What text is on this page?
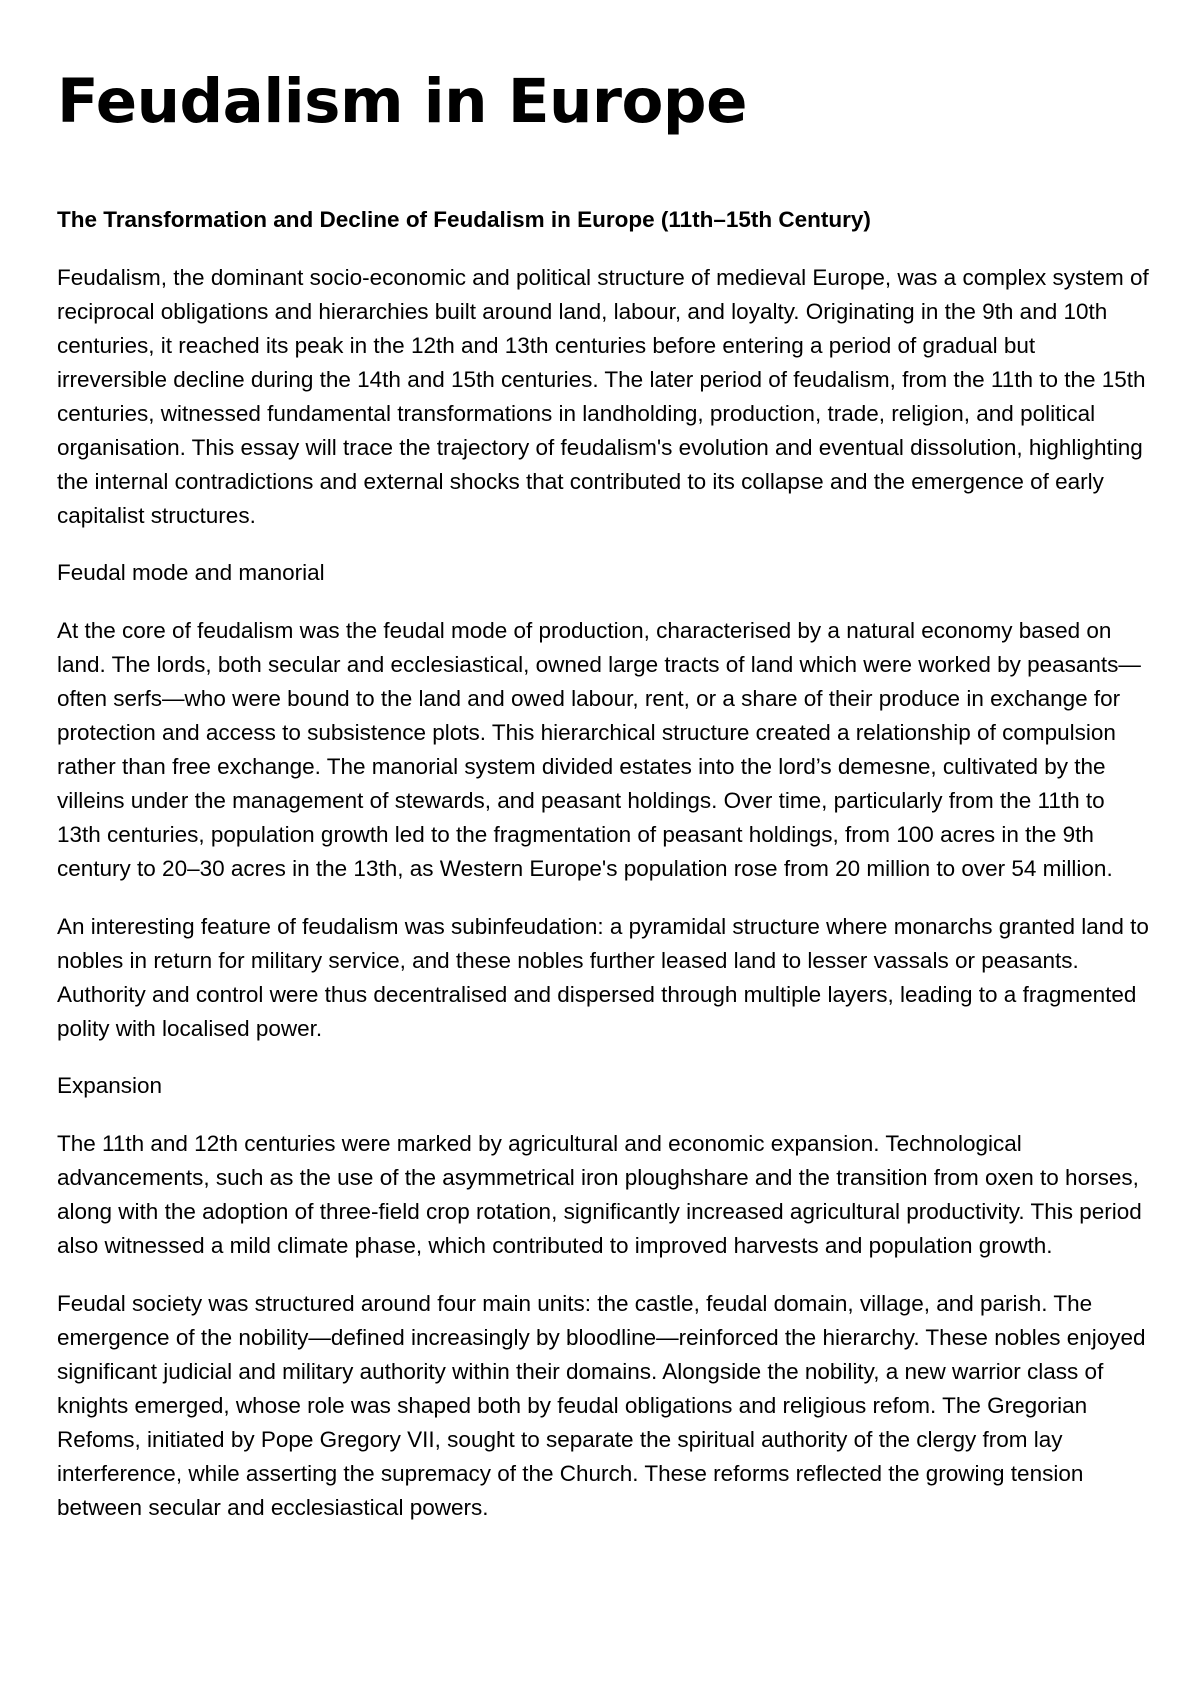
Feudalism in Europe

The Transformation and Decline of Feudalism in Europe (11th–15th Century)

Feudalism, the dominant socio-economic and political structure of medieval Europe, was a complex system of reciprocal obligations and hierarchies built around land, labour, and loyalty. Originating in the 9th and 10th centuries, it reached its peak in the 12th and 13th centuries before entering a period of gradual but irreversible decline during the 14th and 15th centuries. The later period of feudalism, from the 11th to the 15th centuries, witnessed fundamental transformations in landholding, production, trade, religion, and political organisation. This essay will trace the trajectory of feudalism's evolution and eventual dissolution, highlighting the internal contradictions and external shocks that contributed to its collapse and the emergence of early capitalist structures.

Feudal mode and manorial

At the core of feudalism was the feudal mode of production, characterised by a natural economy based on land. The lords, both secular and ecclesiastical, owned large tracts of land which were worked by peasants—often serfs—who were bound to the land and owed labour, rent, or a share of their produce in exchange for protection and access to subsistence plots. This hierarchical structure created a relationship of compulsion rather than free exchange. The manorial system divided estates into the lord’s demesne, cultivated by the villeins under the management of stewards, and peasant holdings. Over time, particularly from the 11th to 13th centuries, population growth led to the fragmentation of peasant holdings, from 100 acres in the 9th century to 20–30 acres in the 13th, as Western Europe's population rose from 20 million to over 54 million.

An interesting feature of feudalism was subinfeudation: a pyramidal structure where monarchs granted land to nobles in return for military service, and these nobles further leased land to lesser vassals or peasants. Authority and control were thus decentralised and dispersed through multiple layers, leading to a fragmented polity with localised power.

Expansion

The 11th and 12th centuries were marked by agricultural and economic expansion. Technological advancements, such as the use of the asymmetrical iron ploughshare and the transition from oxen to horses, along with the adoption of three-field crop rotation, significantly increased agricultural productivity. This period also witnessed a mild climate phase, which contributed to improved harvests and population growth.

Feudal society was structured around four main units: the castle, feudal domain, village, and parish. The emergence of the nobility—defined increasingly by bloodline—reinforced the hierarchy. These nobles enjoyed significant judicial and military authority within their domains. Alongside the nobility, a new warrior class of knights emerged, whose role was shaped both by feudal obligations and religious refom. The Gregorian Refoms, initiated by Pope Gregory VII, sought to separate the spiritual authority of the clergy from lay interference, while asserting the supremacy of the Church. These reforms reflected the growing tension between secular and ecclesiastical powers.
